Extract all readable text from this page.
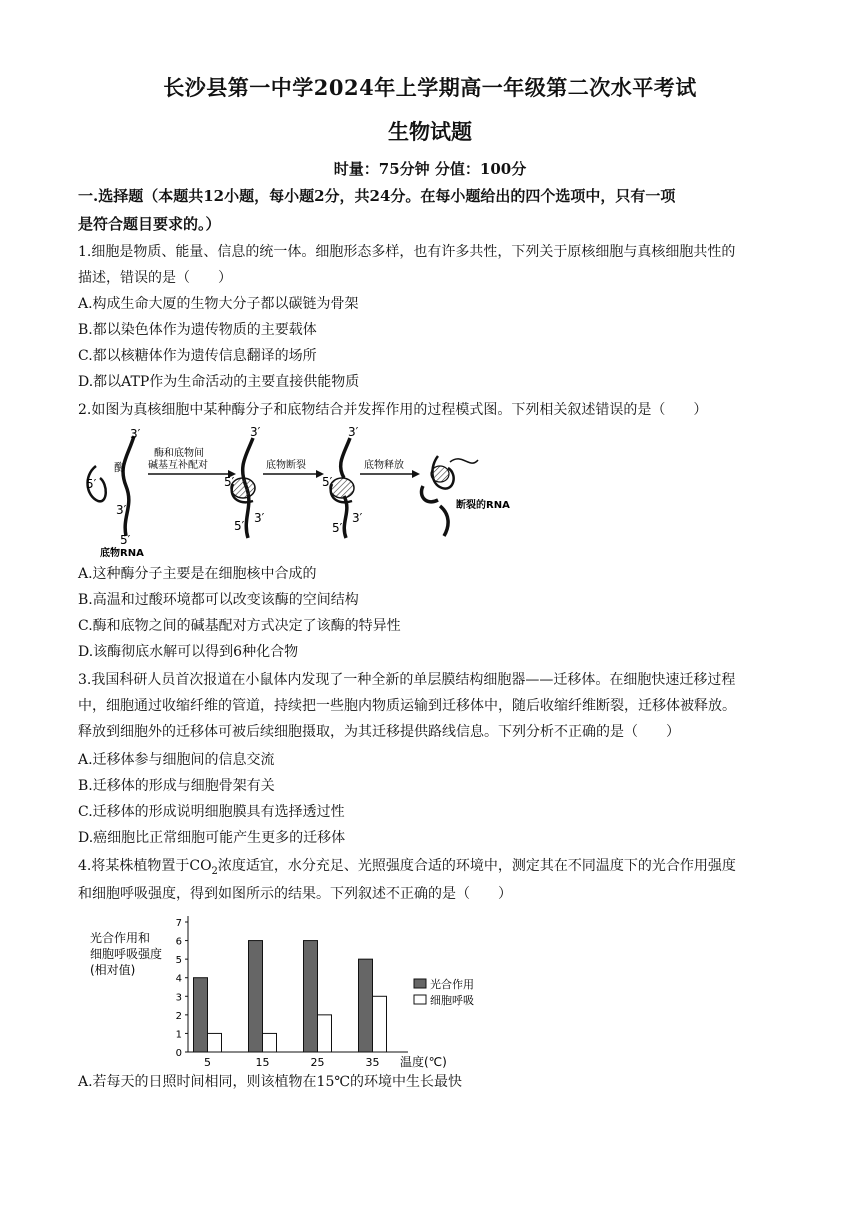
长沙县第一中学2024年上学期高一年级第二次水平考试
生物试题
时量：75分钟 分值：100分
一.选择题（本题共12小题，每小题2分，共24分。在每小题给出的四个选项中，只有一项
是符合题目要求的。）
1.细胞是物质、能量、信息的统一体。细胞形态多样，也有许多共性，下列关于原核细胞与真核细胞共性的
描述，错误的是（　　）
A.构成生命大厦的生物大分子都以碳链为骨架
B.都以染色体作为遗传物质的主要载体
C.都以核糖体作为遗传信息翻译的场所
D.都以ATP作为生命活动的主要直接供能物质
2.如图为真核细胞中某种酶分子和底物结合并发挥作用的过程模式图。下列相关叙述错误的是（　　）
酶
3′
5′
3′
5′
底物RNA
酶和底物间
碱基互补配对
3′
5′
3′
5′
底物断裂
3′
5′
3′
5′
底物释放
断裂的RNA
A.这种酶分子主要是在细胞核中合成的
B.高温和过酸环境都可以改变该酶的空间结构
C.酶和底物之间的碱基配对方式决定了该酶的特异性
D.该酶彻底水解可以得到6种化合物
3.我国科研人员首次报道在小鼠体内发现了一种全新的单层膜结构细胞器——迁移体。在细胞快速迁移过程
中，细胞通过收缩纤维的管道，持续把一些胞内物质运输到迁移体中，随后收缩纤维断裂，迁移体被释放。
释放到细胞外的迁移体可被后续细胞摄取，为其迁移提供路线信息。下列分析不正确的是（　　）
A.迁移体参与细胞间的信息交流
B.迁移体的形成与细胞骨架有关
C.迁移体的形成说明细胞膜具有选择透过性
D.癌细胞比正常细胞可能产生更多的迁移体
4.将某株植物置于$CO_2$浓度适宜，水分充足、光照强度合适的环境中，测定其在不同温度下的光合作用强度
和细胞呼吸强度，得到如图所示的结果。下列叙述不正确的是（　　）
光合作用和
细胞呼吸强度
(相对值)
0
1
2
3
4
5
6
7
5	15	25	35 温度(℃)
光合作用
细胞呼吸
A.若每天的日照时间相同，则该植物在15℃的环境中生长最快
